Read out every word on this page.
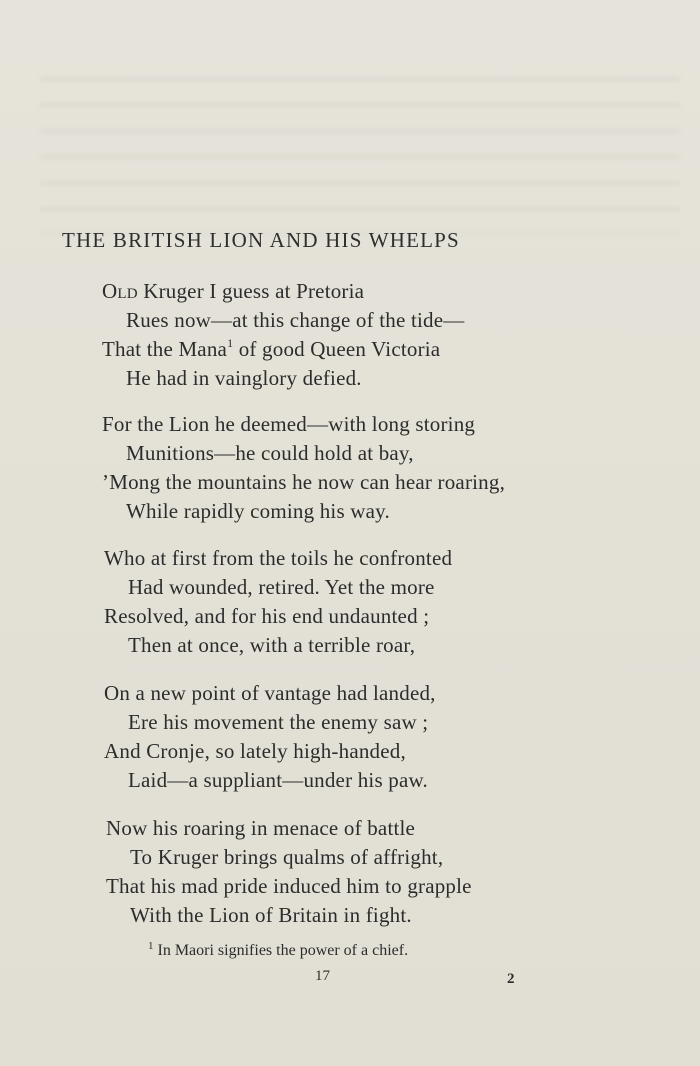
THE BRITISH LION AND HIS WHELPS
Old Kruger I guess at Pretoria
Rues now—at this change of the tide—
That the Mana$^1$ of good Queen Victoria
He had in vainglory defied.
For the Lion he deemed—with long storing
Munitions—he could hold at bay,
’Mong the mountains he now can hear roaring,
While rapidly coming his way.
Who at first from the toils he confronted
Had wounded, retired. Yet the more
Resolved, and for his end undaunted ;
Then at once, with a terrible roar,
On a new point of vantage had landed,
Ere his movement the enemy saw ;
And Cronje, so lately high-handed,
Laid—a suppliant—under his paw.
Now his roaring in menace of battle
To Kruger brings qualms of affright,
That his mad pride induced him to grapple
With the Lion of Britain in fight.
$^1$ In Maori signifies the power of a chief.
17	2
